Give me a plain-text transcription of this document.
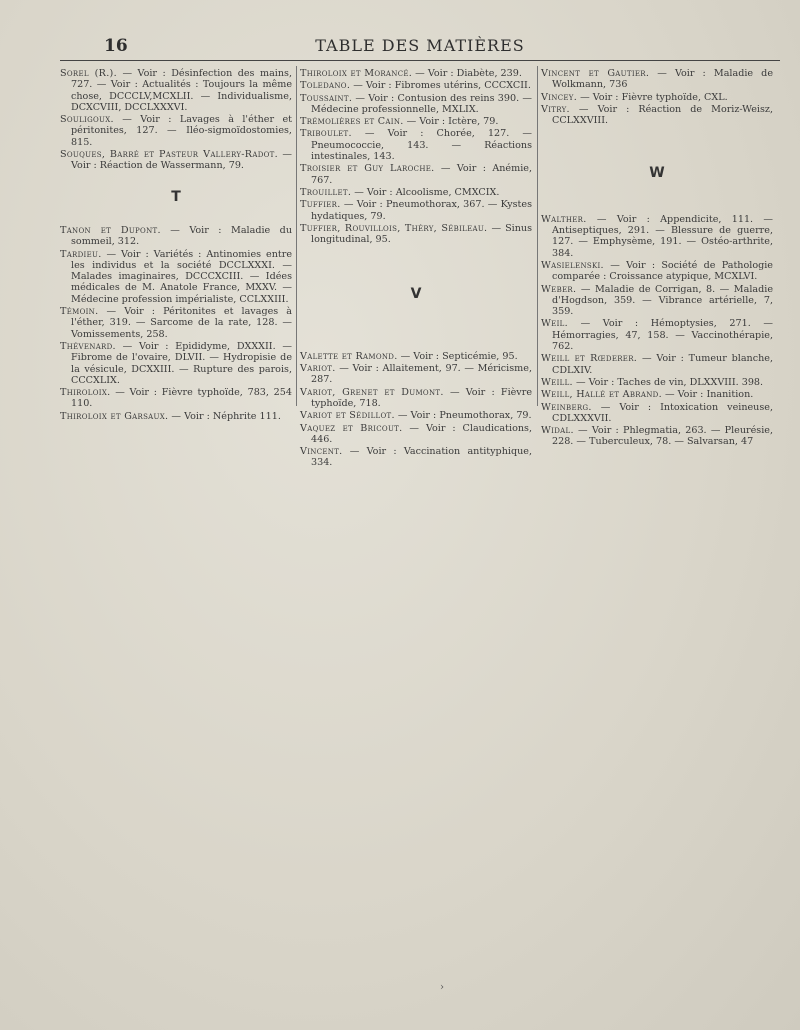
16	TABLE DES MATIÈRES

Sorel (R.). — Voir : Désinfection des mains, 727. — Voir : Actualités : Toujours la même chose, DCCCLV,MCXLII. — Individualisme, DCXCVIII, DCCLXXXVI.

Souligoux. — Voir : Lavages à l'éther et péritonites, 127. — Iléo-sigmoïdostomies, 815.

Souques, Barré et Pasteur Vallery-Radot. — Voir : Réaction de Wassermann, 79.

T

Tanon et Dupont. — Voir : Maladie du sommeil, 312.

Tardieu. — Voir : Variétés : Antinomies entre les individus et la société DCCLXXXI. — Malades imaginaires, DCCCXCIII. — Idées médicales de M. Anatole France, MXXV. — Médecine profession impérialiste, CCLXXIII.

Témoin. — Voir : Péritonites et lavages à l'éther, 319. — Sarcome de la rate, 128. — Vomissements, 258.

Thévenard. — Voir : Epididyme, DXXXII. — Fibrome de l'ovaire, DLVII. — Hydropisie de la vésicule, DCXXIII. — Rupture des parois, CCCXLIX.

Thiroloix. — Voir : Fièvre typhoïde, 783, 254 110.

Thiroloix et Garsaux. — Voir : Néphrite 111.

Thiroloix et Morancé. — Voir : Diabète, 239.

Toledano. — Voir : Fibromes utérins, CCCXCII.

Toussaint. — Voir : Contusion des reins 390. — Médecine professionnelle, MXLIX.

Trémolières et Cain. — Voir : Ictère, 79.

Triboulet. — Voir : Chorée, 127. — Pneumococcie, 143. — Réactions intestinales, 143.

Troisier et Guy Laroche. — Voir : Anémie, 767.

Trouillet. — Voir : Alcoolisme, CMXCIX.

Tuffier. — Voir : Pneumothorax, 367. — Kystes hydatiques, 79.

Tuffier, Rouvillois, Théry, Sébileau. — Sinus longitudinal, 95.

V

Valette et Ramond. — Voir : Septicémie, 95.

Variot. — Voir : Allaitement, 97. — Méricisme, 287.

Variot, Grenet et Dumont. — Voir : Fièvre typhoïde, 718.

Variot et Sédillot. — Voir : Pneumothorax, 79.

Vaquez et Bricout. — Voir : Claudications, 446.

Vincent. — Voir : Vaccination antityphique, 334.

Vincent et Gautier. — Voir : Maladie de Wolkmann, 736

Vincey. — Voir : Fièvre typhoïde, CXL.

Vitry. — Voir : Réaction de Moriz-Weisz, CCLXXVIII.

W

Walther. — Voir : Appendicite, 111. — Antiseptiques, 291. — Blessure de guerre, 127. — Emphysème, 191. — Ostéo-arthrite, 384.

Wasielenski. — Voir : Société de Pathologie comparée : Croissance atypique, MCXLVI.

Weber. — Maladie de Corrigan, 8. — Maladie d'Hogdson, 359. — Vibrance artérielle, 7, 359.

Weil. — Voir : Hémoptysies, 271. — Hémorragies, 47, 158. — Vaccinothérapie, 762.

Weill et Rœderer. — Voir : Tumeur blanche, CDLXIV.

Weill. — Voir : Taches de vin, DLXXVIII. 398.

Weill, Hallé et Abrand. — Voir : Inanition.

Weinberg. — Voir : Intoxication veineuse, CDLXXXVII.

Widal. — Voir : Phlegmatia, 263. — Pleurésie, 228. — Tuberculeux, 78. — Salvarsan, 47

›
